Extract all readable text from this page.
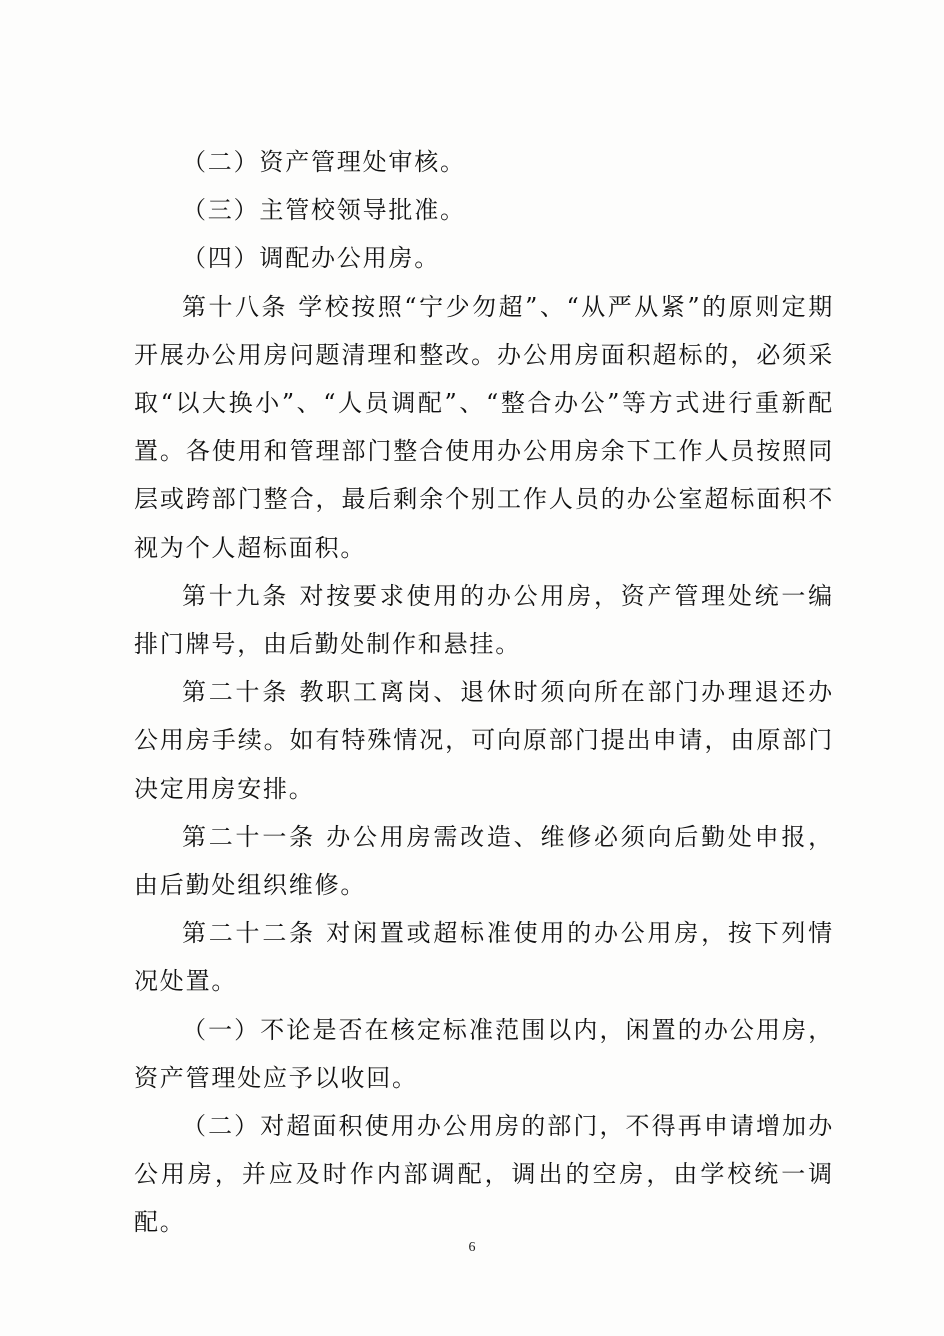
（二）资产管理处审核。

（三）主管校领导批准。

（四）调配办公用房。

第十八条 学校按照“宁少勿超”、“从严从紧”的原则定期开展办公用房问题清理和整改。办公用房面积超标的，必须采取“以大换小”、“人员调配”、“整合办公”等方式进行重新配置。各使用和管理部门整合使用办公用房余下工作人员按照同层或跨部门整合，最后剩余个别工作人员的办公室超标面积不视为个人超标面积。

第十九条 对按要求使用的办公用房，资产管理处统一编排门牌号，由后勤处制作和悬挂。

第二十条 教职工离岗、退休时须向所在部门办理退还办公用房手续。如有特殊情况，可向原部门提出申请，由原部门决定用房安排。

第二十一条 办公用房需改造、维修必须向后勤处申报，由后勤处组织维修。

第二十二条 对闲置或超标准使用的办公用房，按下列情况处置。

（一）不论是否在核定标准范围以内，闲置的办公用房，资产管理处应予以收回。

（二）对超面积使用办公用房的部门，不得再申请增加办公用房，并应及时作内部调配，调出的空房，由学校统一调配。

6
